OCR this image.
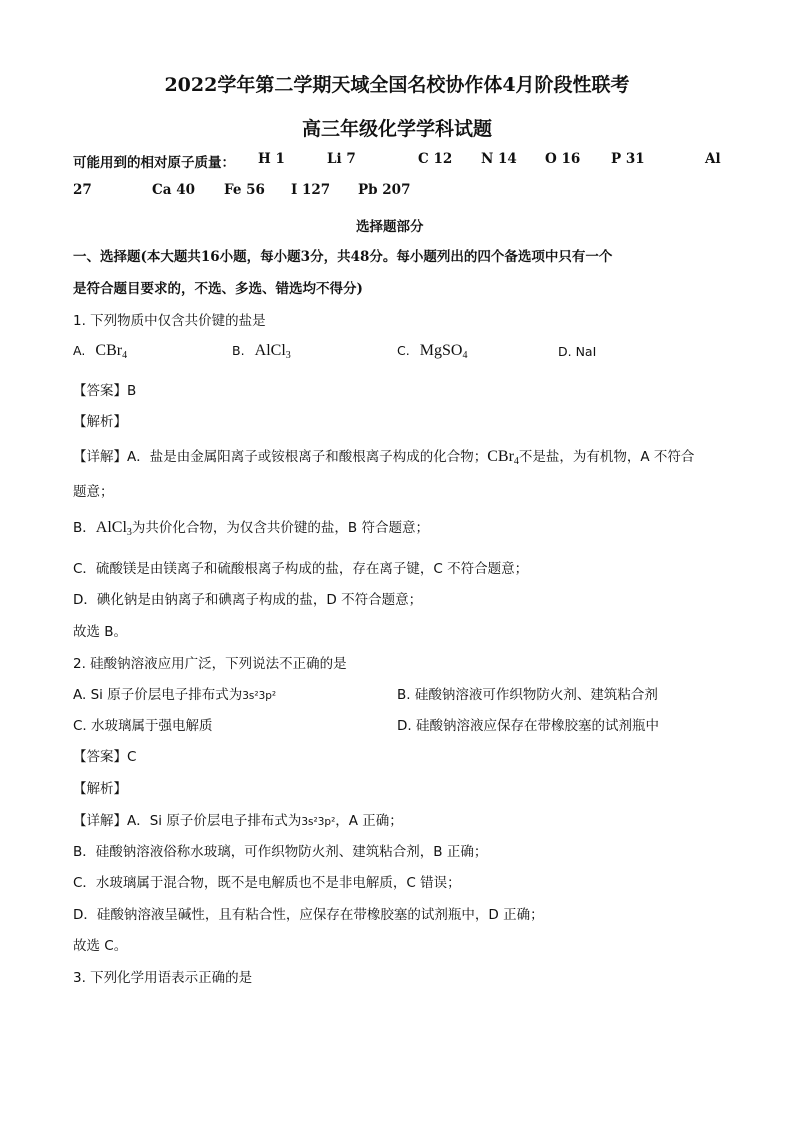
2022学年第二学期天域全国名校协作体4月阶段性联考
高三年级化学学科试题
可能用到的相对原子质量： H 1	Li 7	C 12 N 14 O 16 P 31	Al
27	Ca 40 Fe 56 I 127 Pb 207
选择题部分
一、选择题(本大题共16小题，每小题3分，共48分。每小题列出的四个备选项中只有一个
是符合题目要求的，不选、多选、错选均不得分)
1. 下列物质中仅含共价键的盐是
A. CBr$_4$	B. AlCl$_3$	C. MgSO$_4$	D. NaI
【答案】B
【解析】
【详解】A．盐是由金属阳离子或铵根离子和酸根离子构成的化合物；CBr$_4$不是盐，为有机物，A 不符合
题意；
B．AlCl$_3$为共价化合物，为仅含共价键的盐，B 符合题意；
C．硫酸镁是由镁离子和硫酸根离子构成的盐，存在离子键，C 不符合题意；
D．碘化钠是由钠离子和碘离子构成的盐，D 不符合题意；
故选 B。
2. 硅酸钠溶液应用广泛，下列说法不正确的是
A. Si 原子价层电子排布式为3s²3p²	B. 硅酸钠溶液可作织物防火剂、建筑粘合剂
C. 水玻璃属于强电解质	D. 硅酸钠溶液应保存在带橡胶塞的试剂瓶中
【答案】C
【解析】
【详解】A．Si 原子价层电子排布式为3s²3p²，A 正确；
B．硅酸钠溶液俗称水玻璃，可作织物防火剂、建筑粘合剂，B 正确；
C．水玻璃属于混合物，既不是电解质也不是非电解质，C 错误；
D．硅酸钠溶液呈碱性，且有粘合性，应保存在带橡胶塞的试剂瓶中，D 正确；
故选 C。
3. 下列化学用语表示正确的是
